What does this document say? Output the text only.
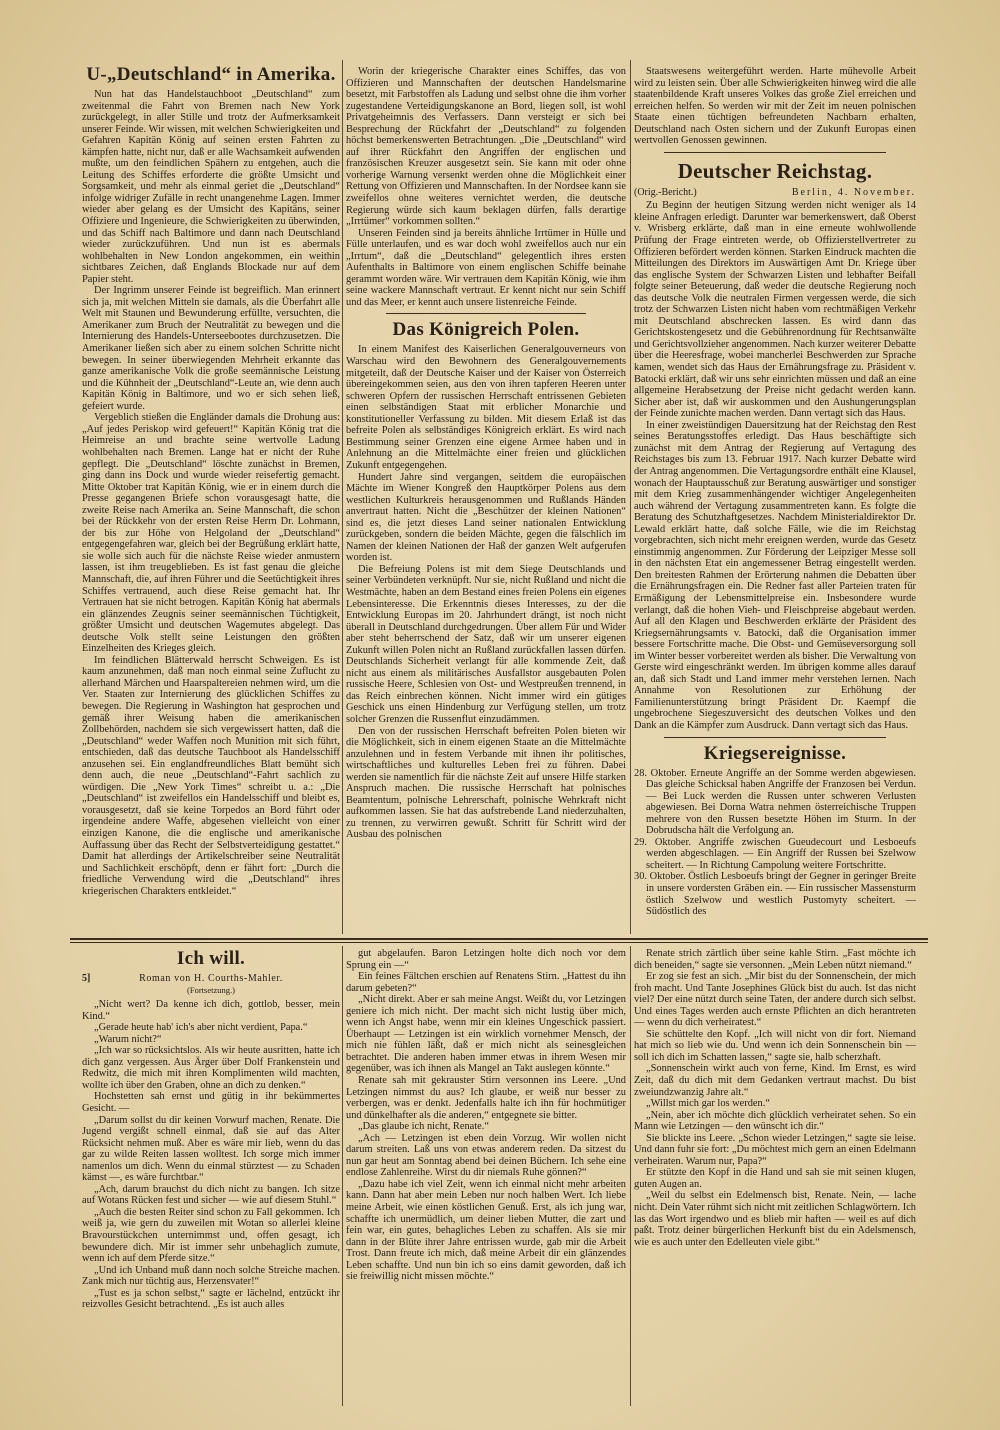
U-„Deutschland“ in Amerika.

Nun hat das Handelstauchboot „Deutschland“ zum zweitenmal die Fahrt von Bremen nach New York zurückgelegt, in aller Stille und trotz der Aufmerksamkeit unserer Feinde. Wir wissen, mit welchen Schwierigkeiten und Gefahren Kapitän König auf seinen ersten Fahrten zu kämpfen hatte, nicht nur, daß er alle Wachsamkeit aufwenden mußte, um den feindlichen Spähern zu entgehen, auch die Leitung des Schiffes erforderte die größte Umsicht und Sorgsamkeit, und mehr als einmal geriet die „Deutschland“ infolge widriger Zufälle in recht unangenehme Lagen. Immer wieder aber gelang es der Umsicht des Kapitäns, seiner Offiziere und Ingenieure, die Schwierigkeiten zu überwinden, und das Schiff nach Baltimore und dann nach Deutschland wieder zurückzuführen. Und nun ist es abermals wohlbehalten in New London angekommen, ein weithin sichtbares Zeichen, daß Englands Blockade nur auf dem Papier steht.

Der Ingrimm unserer Feinde ist begreiflich. Man erinnert sich ja, mit welchen Mitteln sie damals, als die Überfahrt alle Welt mit Staunen und Bewunderung erfüllte, versuchten, die Amerikaner zum Bruch der Neutralität zu bewegen und die Internierung des Handels-Unterseebootes durchzusetzen. Die Amerikaner ließen sich aber zu einem solchen Schritte nicht bewegen. In seiner überwiegenden Mehrheit erkannte das ganze amerikanische Volk die große seemännische Leistung und die Kühnheit der „Deutschland“-Leute an, wie denn auch Kapitän König in Baltimore, und wo er sich sehen ließ, gefeiert wurde.

Vergeblich stießen die Engländer damals die Drohung aus: „Auf jedes Periskop wird gefeuert!“ Kapitän König trat die Heimreise an und brachte seine wertvolle Ladung wohlbehalten nach Bremen. Lange hat er nicht der Ruhe gepflegt. Die „Deutschland“ löschte zunächst in Bremen, ging dann ins Dock und wurde wieder reisefertig gemacht. Mitte Oktober trat Kapitän König, wie er in einem durch die Presse gegangenen Briefe schon vorausgesagt hatte, die zweite Reise nach Amerika an. Seine Mannschaft, die schon bei der Rückkehr von der ersten Reise Herrn Dr. Lohmann, der bis zur Höhe von Helgoland der „Deutschland“ entgegengefahren war, gleich bei der Begrüßung erklärt hatte, sie wolle sich auch für die nächste Reise wieder anmustern lassen, ist ihm treugeblieben. Es ist fast genau die gleiche Mannschaft, die, auf ihren Führer und die Seetüchtigkeit ihres Schiffes vertrauend, auch diese Reise gemacht hat. Ihr Vertrauen hat sie nicht betrogen. Kapitän König hat abermals ein glänzendes Zeugnis seiner seemännischen Tüchtigkeit, größter Umsicht und deutschen Wagemutes abgelegt. Das deutsche Volk stellt seine Leistungen den größten Einzelheiten des Krieges gleich.

Im feindlichen Blätterwald herrscht Schweigen. Es ist kaum anzunehmen, daß man noch einmal seine Zuflucht zu allerhand Märchen und Haarspaltereien nehmen wird, um die Ver. Staaten zur Internierung des glücklichen Schiffes zu bewegen. Die Regierung in Washington hat gesprochen und gemäß ihrer Weisung haben die amerikanischen Zollbehörden, nachdem sie sich vergewissert hatten, daß die „Deutschland“ weder Waffen noch Munition mit sich führt, entschieden, daß das deutsche Tauchboot als Handelsschiff anzusehen sei. Ein englandfreundliches Blatt bemüht sich denn auch, die neue „Deutschland“-Fahrt sachlich zu würdigen. Die „New York Times“ schreibt u. a.: „Die „Deutschland“ ist zweifellos ein Handelsschiff und bleibt es, vorausgesetzt, daß sie keine Torpedos an Bord führt oder irgendeine andere Waffe, abgesehen vielleicht von einer einzigen Kanone, die die englische und amerikanische Auffassung über das Recht der Selbstverteidigung gestattet.“ Damit hat allerdings der Artikelschreiber seine Neutralität und Sachlichkeit erschöpft, denn er fährt fort: „Durch die friedliche Verwendung wird die „Deutschland“ ihres kriegerischen Charakters entkleidet.“

Worin der kriegerische Charakter eines Schiffes, das von Offizieren und Mannschaften der deutschen Handelsmarine besetzt, mit Farbstoffen als Ladung und selbst ohne die ihm vorher zugestandene Verteidigungskanone an Bord, liegen soll, ist wohl Privatgeheimnis des Verfassers. Dann versteigt er sich bei Besprechung der Rückfahrt der „Deutschland“ zu folgenden höchst bemerkenswerten Betrachtungen. „Die „Deutschland“ wird auf ihrer Rückfahrt den Angriffen der englischen und französischen Kreuzer ausgesetzt sein. Sie kann mit oder ohne vorherige Warnung versenkt werden ohne die Möglichkeit einer Rettung von Offizieren und Mannschaften. In der Nordsee kann sie zweifellos ohne weiteres vernichtet werden, die deutsche Regierung würde sich kaum beklagen dürfen, falls derartige „Irrtümer“ vorkommen sollten.“

Unseren Feinden sind ja bereits ähnliche Irrtümer in Hülle und Fülle unterlaufen, und es war doch wohl zweifellos auch nur ein „Irrtum“, daß die „Deutschland“ gelegentlich ihres ersten Aufenthalts in Baltimore von einem englischen Schiffe beinahe gerammt worden wäre. Wir vertrauen dem Kapitän König, wie ihm seine wackere Mannschaft vertraut. Er kennt nicht nur sein Schiff und das Meer, er kennt auch unsere listenreiche Feinde.

Das Königreich Polen.

In einem Manifest des Kaiserlichen Generalgouverneurs von Warschau wird den Bewohnern des Generalgouvernements mitgeteilt, daß der Deutsche Kaiser und der Kaiser von Österreich übereingekommen seien, aus den von ihren tapferen Heeren unter schweren Opfern der russischen Herrschaft entrissenen Gebieten einen selbständigen Staat mit erblicher Monarchie und konstitutioneller Verfassung zu bilden. Mit diesem Erlaß ist das befreite Polen als selbständiges Königreich erklärt. Es wird nach Bestimmung seiner Grenzen eine eigene Armee haben und in Anlehnung an die Mittelmächte einer freien und glücklichen Zukunft entgegengehen.

Hundert Jahre sind vergangen, seitdem die europäischen Mächte im Wiener Kongreß den Hauptkörper Polens aus dem westlichen Kulturkreis herausgenommen und Rußlands Händen anvertraut hatten. Nicht die „Beschützer der kleinen Nationen“ sind es, die jetzt dieses Land seiner nationalen Entwicklung zurückgeben, sondern die beiden Mächte, gegen die fälschlich im Namen der kleinen Nationen der Haß der ganzen Welt aufgerufen worden ist.

Die Befreiung Polens ist mit dem Siege Deutschlands und seiner Verbündeten verknüpft. Nur sie, nicht Rußland und nicht die Westmächte, haben an dem Bestand eines freien Polens ein eigenes Lebensinteresse. Die Erkenntnis dieses Interesses, zu der die Entwicklung Europas im 20. Jahrhundert drängt, ist noch nicht überall in Deutschland durchgedrungen. Über allem Für und Wider aber steht beherrschend der Satz, daß wir um unserer eigenen Zukunft willen Polen nicht an Rußland zurückfallen lassen dürfen. Deutschlands Sicherheit verlangt für alle kommende Zeit, daß nicht aus einem als militärisches Ausfallstor ausgebauten Polen russische Heere, Schlesien von Ost- und Westpreußen trennend, in das Reich einbrechen können. Nicht immer wird ein gütiges Geschick uns einen Hindenburg zur Verfügung stellen, um trotz solcher Grenzen die Russenflut einzudämmen.

Den von der russischen Herrschaft befreiten Polen bieten wir die Möglichkeit, sich in einem eigenen Staate an die Mittelmächte anzulehnen und in festem Verbande mit ihnen ihr politisches, wirtschaftliches und kulturelles Leben frei zu führen. Dabei werden sie namentlich für die nächste Zeit auf unsere Hilfe starken Anspruch machen. Die russische Herrschaft hat polnisches Beamtentum, polnische Lehrerschaft, polnische Wehrkraft nicht aufkommen lassen. Sie hat das aufstrebende Land niederzuhalten, zu trennen, zu verwirren gewußt. Schritt für Schritt wird der Ausbau des polnischen

Staatswesens weitergeführt werden. Harte mühevolle Arbeit wird zu leisten sein. Über alle Schwierigkeiten hinweg wird die alle staatenbildende Kraft unseres Volkes das große Ziel erreichen und erreichen helfen. So werden wir mit der Zeit im neuen polnischen Staate einen tüchtigen befreundeten Nachbarn erhalten, Deutschland nach Osten sichern und der Zukunft Europas einen wertvollen Genossen gewinnen.

Deutscher Reichstag.
(Orig.-Bericht.)	Berlin, 4. November.

Zu Beginn der heutigen Sitzung werden nicht weniger als 14 kleine Anfragen erledigt. Darunter war bemerkenswert, daß Oberst v. Wrisberg erklärte, daß man in eine erneute wohlwollende Prüfung der Frage eintreten werde, ob Offizierstellvertreter zu Offizieren befördert werden können. Starken Eindruck machten die Mitteilungen des Direktors im Auswärtigen Amt Dr. Kriege über das englische System der Schwarzen Listen und lebhafter Beifall folgte seiner Beteuerung, daß weder die deutsche Regierung noch das deutsche Volk die neutralen Firmen vergessen werde, die sich trotz der Schwarzen Listen nicht haben vom rechtmäßigen Verkehr mit Deutschland abschrecken lassen. Es wird dann das Gerichtskostengesetz und die Gebührenordnung für Rechtsanwälte und Gerichtsvollzieher angenommen. Nach kurzer weiterer Debatte über die Heeresfrage, wobei mancherlei Beschwerden zur Sprache kamen, wendet sich das Haus der Ernährungsfrage zu. Präsident v. Batocki erklärt, daß wir uns sehr einrichten müssen und daß an eine allgemeine Herabsetzung der Preise nicht gedacht werden kann. Sicher aber ist, daß wir auskommen und den Aushungerungsplan der Feinde zunichte machen werden. Dann vertagt sich das Haus.

In einer zweistündigen Dauersitzung hat der Reichstag den Rest seines Beratungsstoffes erledigt. Das Haus beschäftigte sich zunächst mit dem Antrag der Regierung auf Vertagung des Reichstages bis zum 13. Februar 1917. Nach kurzer Debatte wird der Antrag angenommen. Die Vertagungsordre enthält eine Klausel, wonach der Hauptausschuß zur Beratung auswärtiger und sonstiger mit dem Krieg zusammenhängender wichtiger Angelegenheiten auch während der Vertagung zusammentreten kann. Es folgte die Beratung des Schutzhaftgesetzes. Nachdem Ministerialdirektor Dr. Lewald erklärt hatte, daß solche Fälle, wie die im Reichstag vorgebrachten, sich nicht mehr ereignen werden, wurde das Gesetz einstimmig angenommen. Zur Förderung der Leipziger Messe soll in den nächsten Etat ein angemessener Betrag eingestellt werden. Den breitesten Rahmen der Erörterung nahmen die Debatten über die Ernährungsfragen ein. Die Redner fast aller Parteien traten für Ermäßigung der Lebensmittelpreise ein. Insbesondere wurde verlangt, daß die hohen Vieh- und Fleischpreise abgebaut werden. Auf all den Klagen und Beschwerden erklärte der Präsident des Kriegsernährungsamts v. Batocki, daß die Organisation immer bessere Fortschritte mache. Die Obst- und Gemüseversorgung soll im Winter besser vorbereitet werden als bisher. Die Verwaltung von Gerste wird eingeschränkt werden. Im übrigen komme alles darauf an, daß sich Stadt und Land immer mehr verstehen lernen. Nach Annahme von Resolutionen zur Erhöhung der Familienunterstützung bringt Präsident Dr. Kaempf die ungebrochene Siegeszuversicht des deutschen Volkes und den Dank an die Kämpfer zum Ausdruck. Dann vertagt sich das Haus.

Kriegsereignisse.

28. Oktober. Erneute Angriffe an der Somme werden abgewiesen. Das gleiche Schicksal haben Angriffe der Franzosen bei Verdun. — Bei Luck werden die Russen unter schweren Verlusten abgewiesen. Bei Dorna Watra nehmen österreichische Truppen mehrere von den Russen besetzte Höhen im Sturm. In der Dobrudscha hält die Verfolgung an.

29. Oktober. Angriffe zwischen Gueudecourt und Lesboeufs werden abgeschlagen. — Ein Angriff der Russen bei Szelwow scheitert. — In Richtung Campolung weitere Fortschritte.

30. Oktober. Östlich Lesboeufs bringt der Gegner in geringer Breite in unsere vordersten Gräben ein. — Ein russischer Massensturm östlich Szelwow und westlich Pustomyty scheitert. — Südöstlich des

Ich will.
5]	Roman von H. Courths-Mahler.
(Fortsetzung.)

„Nicht wert? Da kenne ich dich, gottlob, besser, mein Kind.“

„Gerade heute hab' ich's aber nicht verdient, Papa.“

„Warum nicht?“

„Ich war so rücksichtslos. Als wir heute ausritten, hatte ich dich ganz vergessen. Aus Ärger über Dolf Frankenstein und Redwitz, die mich mit ihren Komplimenten wild machten, wollte ich über den Graben, ohne an dich zu denken.“

Hochstetten sah ernst und gütig in ihr bekümmertes Gesicht. —

„Darum sollst du dir keinen Vorwurf machen, Renate. Die Jugend vergißt schnell einmal, daß sie auf das Alter Rücksicht nehmen muß. Aber es wäre mir lieb, wenn du das gar zu wilde Reiten lassen wolltest. Ich sorge mich immer namenlos um dich. Wenn du einmal stürztest — zu Schaden kämst —, es wäre furchtbar.“

„Ach, darum brauchst du dich nicht zu bangen. Ich sitze auf Wotans Rücken fest und sicher — wie auf diesem Stuhl.“

„Auch die besten Reiter sind schon zu Fall gekommen. Ich weiß ja, wie gern du zuweilen mit Wotan so allerlei kleine Bravourstückchen unternimmst und, offen gesagt, ich bewundere dich. Mir ist immer sehr unbehaglich zumute, wenn ich auf dem Pferde sitze.“

„Und ich Unband muß dann noch solche Streiche machen. Zank mich nur tüchtig aus, Herzensvater!“

„Tust es ja schon selbst,“ sagte er lächelnd, entzückt ihr reizvolles Gesicht betrachtend. „Es ist auch alles

gut abgelaufen. Baron Letzingen holte dich noch vor dem Sprung ein —“

Ein feines Fältchen erschien auf Renatens Stirn. „Hattest du ihn darum gebeten?“

„Nicht direkt. Aber er sah meine Angst. Weißt du, vor Letzingen geniere ich mich nicht. Der macht sich nicht lustig über mich, wenn ich Angst habe, wenn mir ein kleines Ungeschick passiert. Überhaupt — Letzingen ist ein wirklich vornehmer Mensch, der mich nie fühlen läßt, daß er mich nicht als seinesgleichen betrachtet. Die anderen haben immer etwas in ihrem Wesen mir gegenüber, was ich ihnen als Mangel an Takt auslegen könnte.“

Renate sah mit gekrauster Stirn versonnen ins Leere. „Und Letzingen nimmst du aus? Ich glaube, er weiß nur besser zu verbergen, was er denkt. Jedenfalls halte ich ihn für hochmütiger und dünkelhafter als die anderen,“ entgegnete sie bitter.

„Das glaube ich nicht, Renate.“

„Ach — Letzingen ist eben dein Vorzug. Wir wollen nicht darum streiten. Laß uns von etwas anderem reden. Da sitzest du nun gar heut am Sonntag abend bei deinen Büchern. Ich sehe eine endlose Zahlenreihe. Wirst du dir niemals Ruhe gönnen?“

„Dazu habe ich viel Zeit, wenn ich einmal nicht mehr arbeiten kann. Dann hat aber mein Leben nur noch halben Wert. Ich liebe meine Arbeit, wie einen köstlichen Genuß. Erst, als ich jung war, schaffte ich unermüdlich, um deiner lieben Mutter, die zart und fein war, ein gutes, behagliches Leben zu schaffen. Als sie mir dann in der Blüte ihrer Jahre entrissen wurde, gab mir die Arbeit Trost. Dann freute ich mich, daß meine Arbeit dir ein glänzendes Leben schaffte. Und nun bin ich so eins damit geworden, daß ich sie freiwillig nicht missen möchte.“

Renate strich zärtlich über seine kahle Stirn. „Fast möchte ich dich beneiden,“ sagte sie versonnen. „Mein Leben nützt niemand.“

Er zog sie fest an sich. „Mir bist du der Sonnenschein, der mich froh macht. Und Tante Josephines Glück bist du auch. Ist das nicht viel? Der eine nützt durch seine Taten, der andere durch sich selbst. Und eines Tages werden auch ernste Pflichten an dich herantreten — wenn du dich verheiratest.“

Sie schüttelte den Kopf. „Ich will nicht von dir fort. Niemand hat mich so lieb wie du. Und wenn ich dein Sonnenschein bin — soll ich dich im Schatten lassen,“ sagte sie, halb scherzhaft.

„Sonnenschein wirkt auch von ferne, Kind. Im Ernst, es wird Zeit, daß du dich mit dem Gedanken vertraut machst. Du bist zweiundzwanzig Jahre alt.“

„Willst mich gar los werden.“

„Nein, aber ich möchte dich glücklich verheiratet sehen. So ein Mann wie Letzingen — den wünscht ich dir.“

Sie blickte ins Leere. „Schon wieder Letzingen,“ sagte sie leise. Und dann fuhr sie fort: „Du möchtest mich gern an einen Edelmann verheiraten. Warum nur, Papa?“

Er stützte den Kopf in die Hand und sah sie mit seinen klugen, guten Augen an.

„Weil du selbst ein Edelmensch bist, Renate. Nein, — lache nicht. Dein Vater rühmt sich nicht mit zeitlichen Schlagwörtern. Ich las das Wort irgendwo und es blieb mir haften — weil es auf dich paßt. Trotz deiner bürgerlichen Herkunft bist du ein Adelsmensch, wie es auch unter den Edelleuten viele gibt.“
